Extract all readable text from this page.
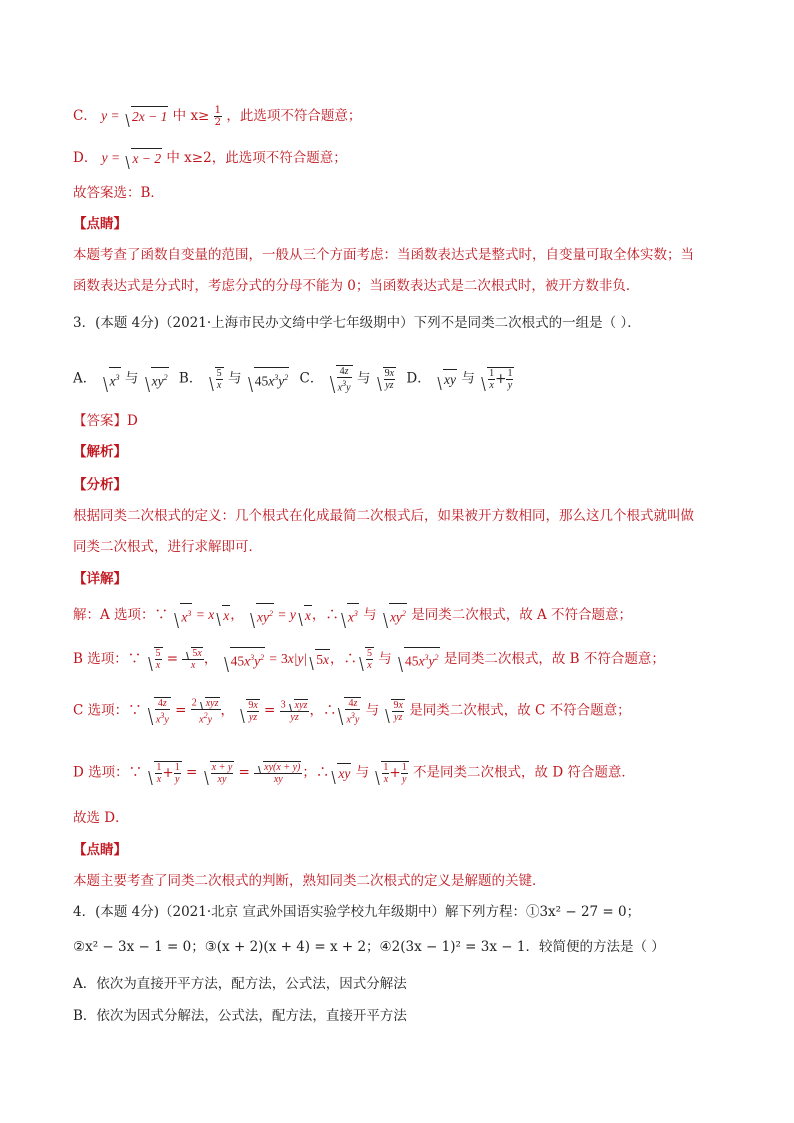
C． y = 2x − 1 中 $x\ge \frac{1}{2}$ ，此选项不符合题意；
D． y = x − 2 中 x≥2，此选项不符合题意；
故答案选：B．
【点睛】
本题考查了函数自变量的范围，一般从三个方面考虑：当函数表达式是整式时，自变量可取全体实数；当
函数表达式是分式时，考虑分式的分母不能为 0；当函数表达式是二次根式时，被开方数非负．
3．(本题 4分)（2021·上海市民办文绮中学七年级期中）下列不是同类二次根式的一组是（ ）．
A． $x^3$ 与 $xy^2$ B． $\frac{5}{x}$ 与 $45x^3y^2$ C． $\frac{4z}{x^3y}$ 与 $\frac{9x}{yz}$ D． xy 与 $\frac{1}{x} + \frac{1}{y}$
【答案】D
【解析】
【分析】
根据同类二次根式的定义：几个根式在化成最简二次根式后，如果被开方数相同，那么这几个根式就叫做
同类二次根式，进行求解即可．
【详解】
解：A 选项：∵ $x^3 = x$ x， $xy^2 = y$ x，∴ $x^3$ 与 $xy^2$ 是同类二次根式，故 A 不符合题意；
B 选项：∵ $\frac{5}{x} = \frac{5x}{x}$ ， $45x^3y^2 = 3x|y|$ 5x，∴ $\frac{5}{x}$ 与 $45x^3y^2$ 是同类二次根式，故 B 不符合题意；
C 选项：∵ $\frac{4z}{x^3y} = \frac{\text{2 xyz}}{x^2y}$ ， $\frac{9x}{yz} = \frac{\text{3 xyz}}{yz}$ ，∴ $\frac{4z}{x^3y}$ 与 $\frac{9x}{yz}$ 是同类二次根式，故 C 不符合题意；
D 选项：∵ $\frac{1}{x} + \frac{1}{y} = \frac{x + y}{xy} = \frac{xy(x + y)}{xy}$ ；∴ xy 与 $\frac{1}{x} + \frac{1}{y}$ 不是同类二次根式，故 D 符合题意．
故选 D．
【点睛】
本题主要考查了同类二次根式的判断，熟知同类二次根式的定义是解题的关键．
4．(本题 4分)（2021·北京 宣武外国语实验学校九年级期中）解下列方程：①3x² − 27 = 0；
②x² − 3x − 1 = 0；③(x + 2)(x + 4) = x + 2；④2(3x − 1)² = 3x − 1．较简便的方法是（ ）
A．依次为直接开平方法，配方法，公式法，因式分解法
B．依次为因式分解法，公式法，配方法，直接开平方法
